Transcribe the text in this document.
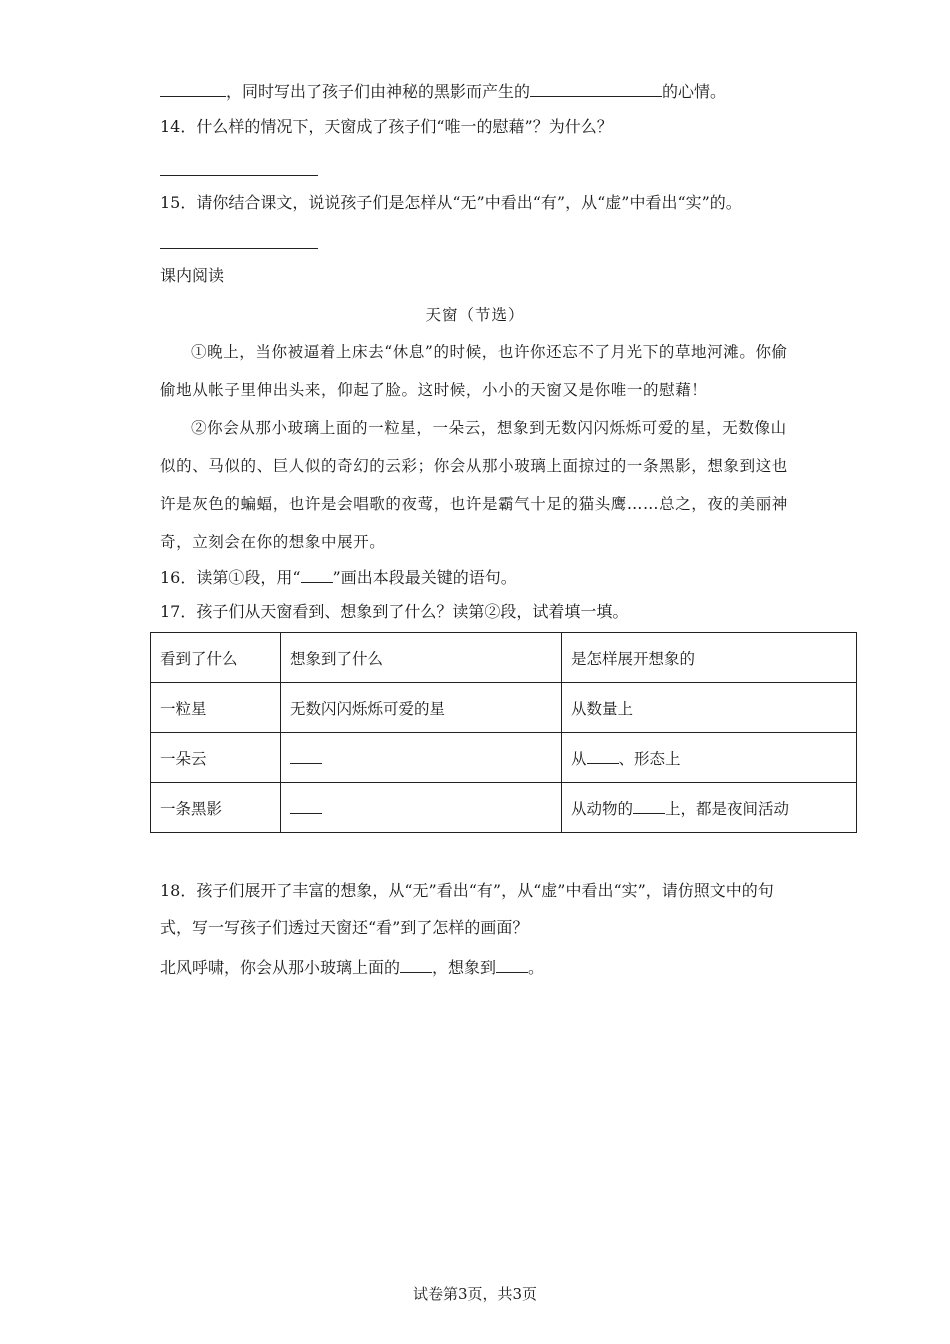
，同时写出了孩子们由神秘的黑影而产生的	的心情。
14．什么样的情况下，天窗成了孩子们“唯一的慰藉”？为什么？
15．请你结合课文，说说孩子们是怎样从“无”中看出“有”，从“虚”中看出“实”的。
课内阅读
天窗（节选）

①晚上，当你被逼着上床去“休息”的时候，也许你还忘不了月光下的草地河滩。你偷偷地从帐子里伸出头来，仰起了脸。这时候，小小的天窗又是你唯一的慰藉！

②你会从那小玻璃上面的一粒星，一朵云，想象到无数闪闪烁烁可爱的星，无数像山似的、马似的、巨人似的奇幻的云彩；你会从那小玻璃上面掠过的一条黑影，想象到这也许是灰色的蝙蝠，也许是会唱歌的夜莺，也许是霸气十足的猫头鹰……总之，夜的美丽神奇，立刻会在你的想象中展开。

16．读第①段，用“ ”画出本段最关键的语句。
17．孩子们从天窗看到、想象到了什么？读第②段，试着填一填。
看到了什么	想象到了什么	是怎样展开想象的
一粒星	无数闪闪烁烁可爱的星	从数量上
一朵云		从 、形态上
一条黑影		从动物的 上，都是夜间活动
18．孩子们展开了丰富的想象，从“无”看出“有”，从“虚”中看出“实”，请仿照文中的句
式，写一写孩子们透过天窗还“看”到了怎样的画面？
北风呼啸，你会从那小玻璃上面的 ，想象到 。
试卷第3页，共3页
